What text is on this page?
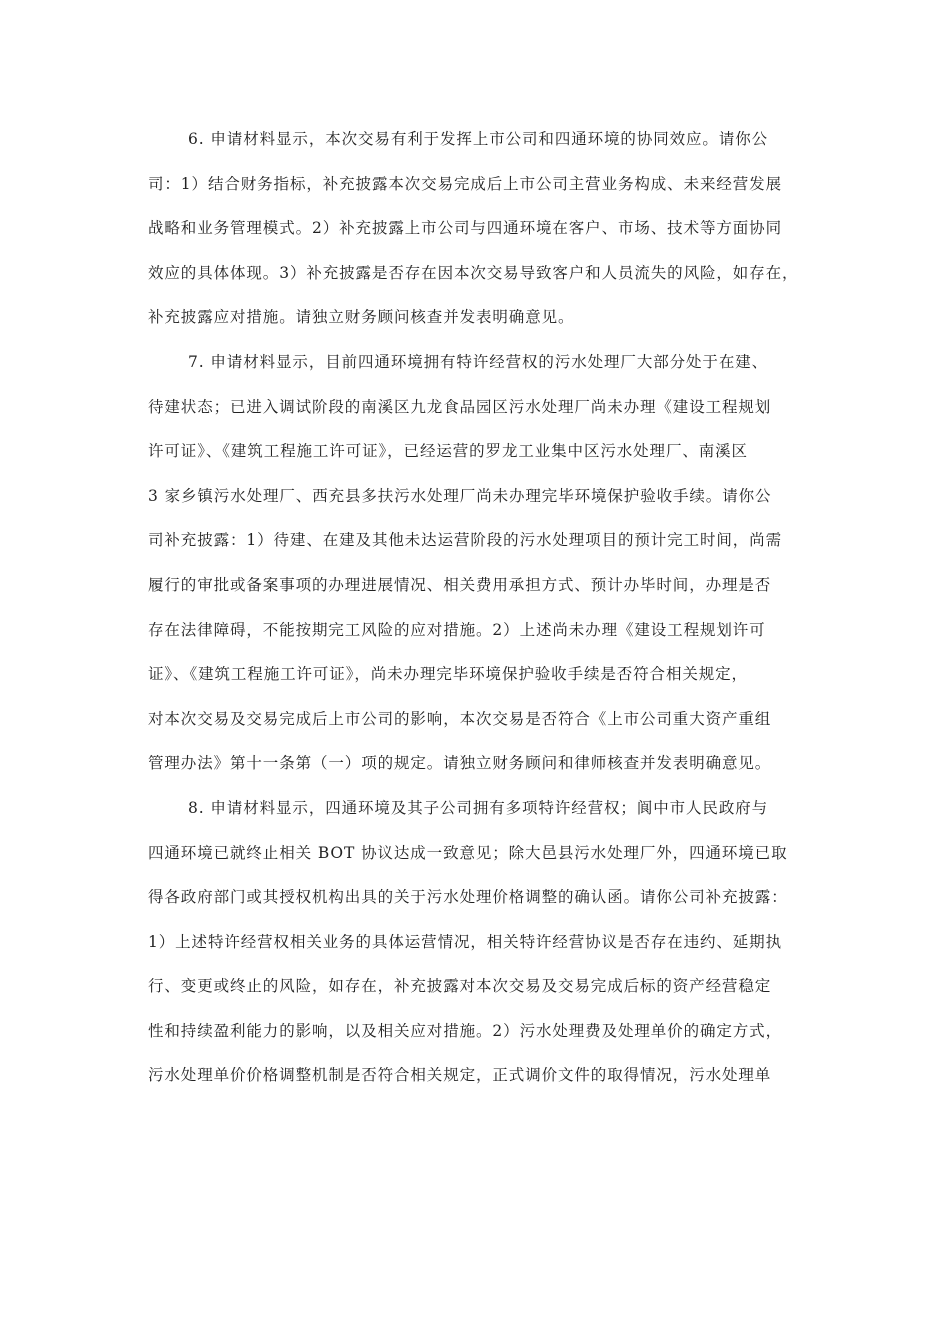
6. 申请材料显示，本次交易有利于发挥上市公司和四通环境的协同效应。请你公
司：1）结合财务指标，补充披露本次交易完成后上市公司主营业务构成、未来经营发展
战略和业务管理模式。2）补充披露上市公司与四通环境在客户、市场、技术等方面协同
效应的具体体现。3）补充披露是否存在因本次交易导致客户和人员流失的风险，如存在，
补充披露应对措施。请独立财务顾问核查并发表明确意见。
7. 申请材料显示，目前四通环境拥有特许经营权的污水处理厂大部分处于在建、
待建状态；已进入调试阶段的南溪区九龙食品园区污水处理厂尚未办理《建设工程规划
许可证》、《建筑工程施工许可证》，已经运营的罗龙工业集中区污水处理厂、南溪区
3 家乡镇污水处理厂、西充县多扶污水处理厂尚未办理完毕环境保护验收手续。请你公
司补充披露：1）待建、在建及其他未达运营阶段的污水处理项目的预计完工时间，尚需
履行的审批或备案事项的办理进展情况、相关费用承担方式、预计办毕时间，办理是否
存在法律障碍，不能按期完工风险的应对措施。2）上述尚未办理《建设工程规划许可
证》、《建筑工程施工许可证》，尚未办理完毕环境保护验收手续是否符合相关规定，
对本次交易及交易完成后上市公司的影响，本次交易是否符合《上市公司重大资产重组
管理办法》第十一条第（一）项的规定。请独立财务顾问和律师核查并发表明确意见。
8. 申请材料显示，四通环境及其子公司拥有多项特许经营权；阆中市人民政府与
四通环境已就终止相关 BOT 协议达成一致意见；除大邑县污水处理厂外，四通环境已取
得各政府部门或其授权机构出具的关于污水处理价格调整的确认函。请你公司补充披露：
1）上述特许经营权相关业务的具体运营情况，相关特许经营协议是否存在违约、延期执
行、变更或终止的风险，如存在，补充披露对本次交易及交易完成后标的资产经营稳定
性和持续盈利能力的影响，以及相关应对措施。2）污水处理费及处理单价的确定方式，
污水处理单价价格调整机制是否符合相关规定，正式调价文件的取得情况，污水处理单
